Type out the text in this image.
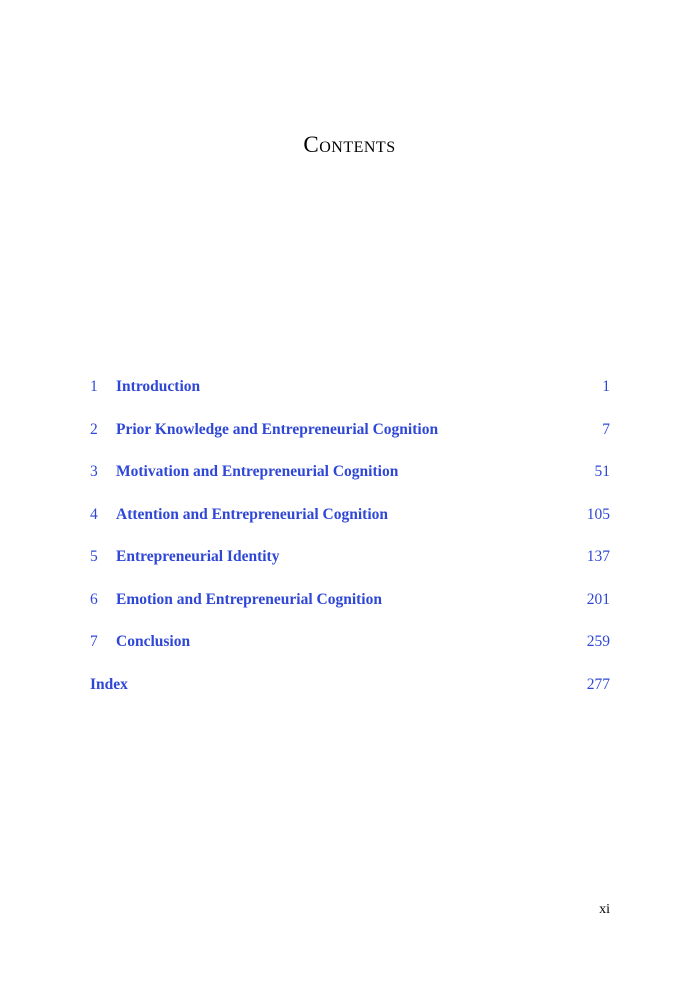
Contents
1	Introduction	1
2	Prior Knowledge and Entrepreneurial Cognition	7
3	Motivation and Entrepreneurial Cognition	51
4	Attention and Entrepreneurial Cognition	105
5	Entrepreneurial Identity	137
6	Emotion and Entrepreneurial Cognition	201
7	Conclusion	259
Index	277
xi
